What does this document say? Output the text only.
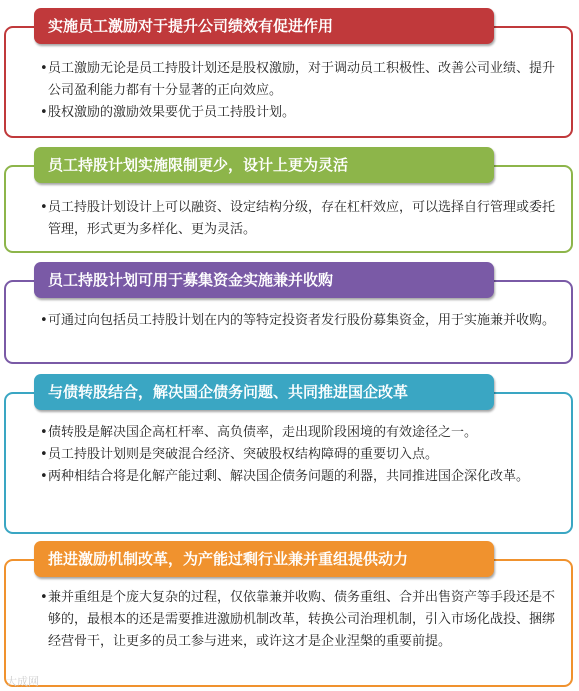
实施员工激励对于提升公司绩效有促进作用
•员工激励无论是员工持股计划还是股权激励，对于调动员工积极性、改善公司业绩、提升公司盈利能力都有十分显著的正向效应。
•股权激励的激励效果要优于员工持股计划。
员工持股计划实施限制更少，设计上更为灵活
•员工持股计划设计上可以融资、设定结构分级，存在杠杆效应，可以选择自行管理或委托管理，形式更为多样化、更为灵活。
员工持股计划可用于募集资金实施兼并收购
•可通过向包括员工持股计划在内的等特定投资者发行股份募集资金，用于实施兼并收购。
与债转股结合，解决国企债务问题、共同推进国企改革
•债转股是解决国企高杠杆率、高负债率，走出现阶段困境的有效途径之一。
•员工持股计划则是突破混合经济、突破股权结构障碍的重要切入点。
•两种相结合将是化解产能过剩、解决国企债务问题的利器，共同推进国企深化改革。
推进激励机制改革，为产能过剩行业兼并重组提供动力
•兼并重组是个庞大复杂的过程，仅依靠兼并收购、债务重组、合并出售资产等手段还是不够的，最根本的还是需要推进激励机制改革，转换公司治理机制，引入市场化战投、捆绑经营骨干，让更多的员工参与进来，或许这才是企业涅槃的重要前提。
大成网
